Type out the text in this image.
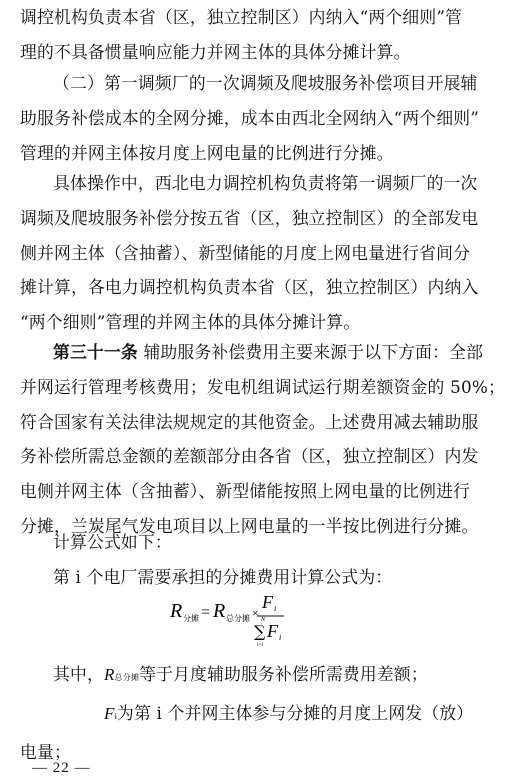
调控机构负责本省（区，独立控制区）内纳入“两个细则”管
理的不具备惯量响应能力并网主体的具体分摊计算。
（二）第一调频厂的一次调频及爬坡服务补偿项目开展辅
助服务补偿成本的全网分摊，成本由西北全网纳入“两个细则”
管理的并网主体按月度上网电量的比例进行分摊。
具体操作中，西北电力调控机构负责将第一调频厂的一次
调频及爬坡服务补偿分按五省（区，独立控制区）的全部发电
侧并网主体（含抽蓄）、新型储能的月度上网电量进行省间分
摊计算，各电力调控机构负责本省（区，独立控制区）内纳入
“两个细则”管理的并网主体的具体分摊计算。
第三十一条 辅助服务补偿费用主要来源于以下方面：全部
并网运行管理考核费用；发电机组调试运行期差额资金的 50%；
符合国家有关法律法规规定的其他资金。上述费用减去辅助服
务补偿所需总金额的差额部分由各省（区，独立控制区）内发
电侧并网主体（含抽蓄）、新型储能按照上网电量的比例进行
分摊，兰炭尾气发电项目以上网电量的一半按比例进行分摊。
计算公式如下：
第 i 个电厂需要承担的分摊费用计算公式为：
R 分摊 = R 总分摊 ×
F i
N
∑ F i
i=1
其中，R总分摊等于月度辅助服务补偿所需费用差额；
Fi为第 i 个并网主体参与分摊的月度上网发（放）
电量；
— 22 —
